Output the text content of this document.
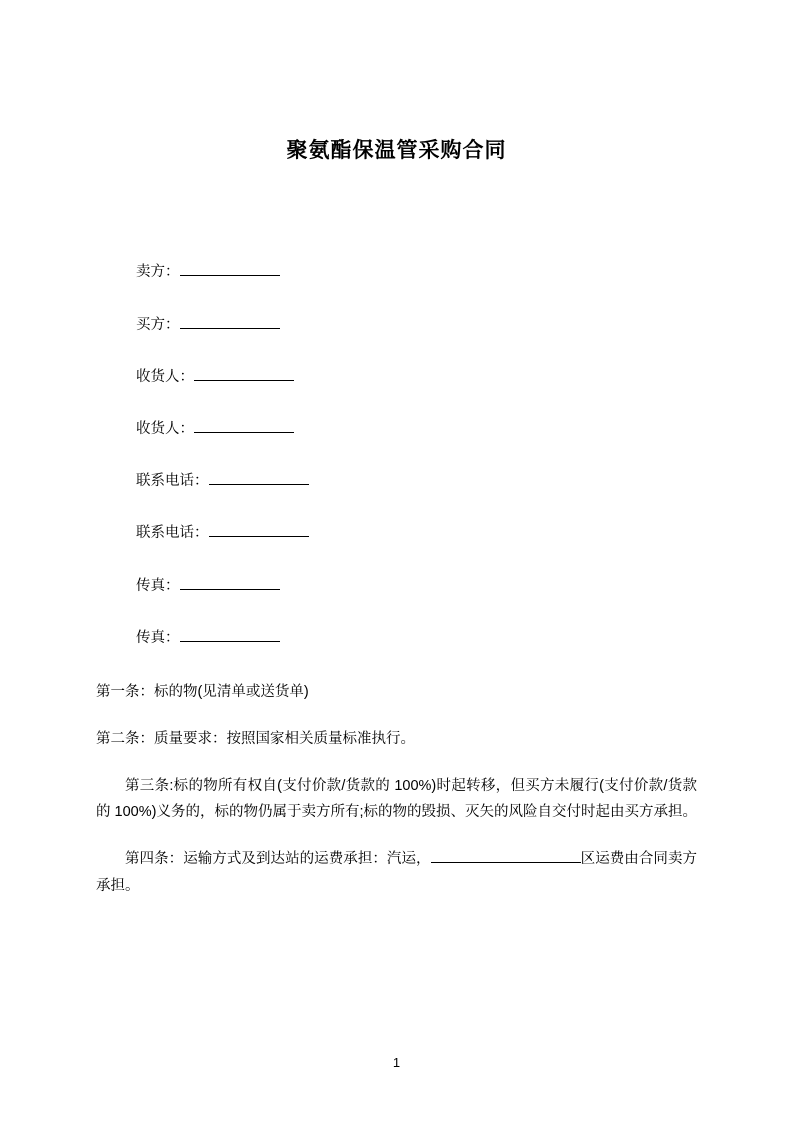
聚氨酯保温管采购合同
卖方：
买方：
收货人：
收货人：
联系电话：
联系电话：
传真：
传真：
第一条：标的物(见清单或送货单)
第二条：质量要求：按照国家相关质量标准执行。
第三条:标的物所有权自(支付价款/货款的 100%)时起转移，但买方未履行(支付价款/货款的 100%)义务的，标的物仍属于卖方所有;标的物的毁损、灭矢的风险自交付时起由买方承担。
第四条：运输方式及到达站的运费承担：汽运，	区运费由合同卖方承担。
1
